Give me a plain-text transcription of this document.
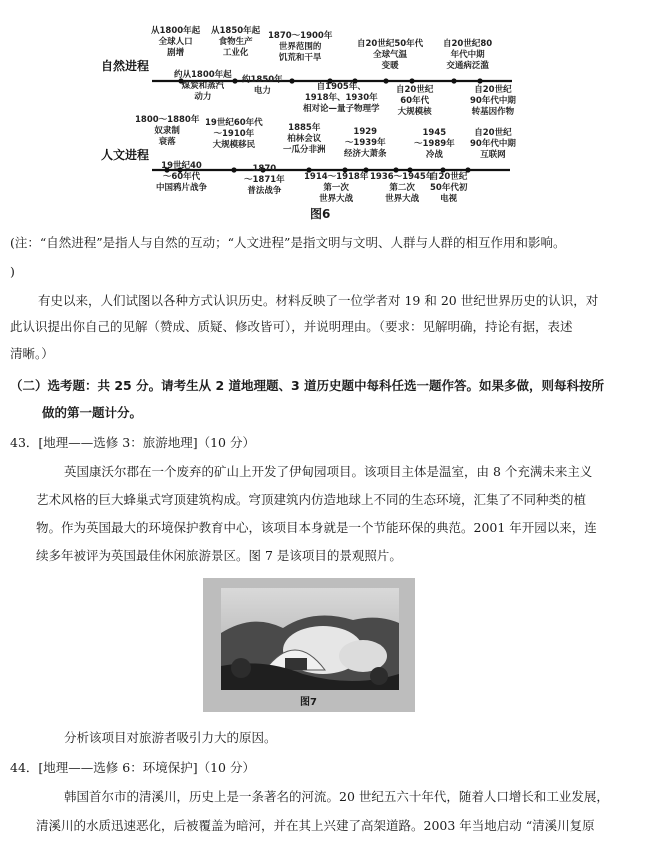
自然进程
人文进程
从1800年起
全球人口
剧增
从1850年起
食物生产
工业化
1870～1900年
世界范围的
饥荒和干旱
自20世纪50年代
全球气温
变暖
自20世纪80
年代中期
交通病泛滥
约从1800年起
煤炭和蒸汽
动力
约1850年
电力	自1905年、
1918年、1930年
相对论—量子物理学
自20世纪
60年代
大规模核
自20世纪
90年代中期
转基因作物
1800～1880年
奴隶制
衰落
19世纪60年代
～1910年
大规模移民
1885年
柏林会议
一瓜分非洲
1929
～1939年
经济大萧条
1945
～1989年
冷战
自20世纪
90年代中期
互联网
19世纪40
～60年代
中国鸦片战争
1870
～1871年
普法战争
1914～1918年
第一次
世界大战
1936～1945年
第二次
世界大战
自20世纪
50年代初
电视
图6
(注：“自然进程”是指人与自然的互动；“人文进程”是指文明与文明、人群与人群的相互作用和影响。
)
有史以来，人们试图以各种方式认识历史。材料反映了一位学者对 19 和 20 世纪世界历史的认识，对
此认识提出你自己的见解（赞成、质疑、修改皆可），并说明理由。（要求：见解明确，持论有据，表述
清晰。）
（二）选考题：共 25 分。请考生从 2 道地理题、3 道历史题中每科任选一题作答。如果多做，则每科按所
做的第一题计分。
43．[地理——选修 3：旅游地理]（10 分）
英国康沃尔郡在一个废弃的矿山上开发了伊甸园项目。该项目主体是温室，由 8 个充满未来主义
艺术风格的巨大蜂巢式穹顶建筑构成。穹顶建筑内仿造地球上不同的生态环境，汇集了不同种类的植
物。作为英国最大的环境保护教育中心，该项目本身就是一个节能环保的典范。2001 年开园以来，连
续多年被评为英国最佳休闲旅游景区。图 7 是该项目的景观照片。
图7
分析该项目对旅游者吸引力大的原因。
44．[地理——选修 6：环境保护]（10 分）
韩国首尔市的清溪川，历史上是一条著名的河流。20 世纪五六十年代，随着人口增长和工业发展，
清溪川的水质迅速恶化，后被覆盖为暗河，并在其上兴建了高架道路。2003 年当地启动 “清溪川复原
